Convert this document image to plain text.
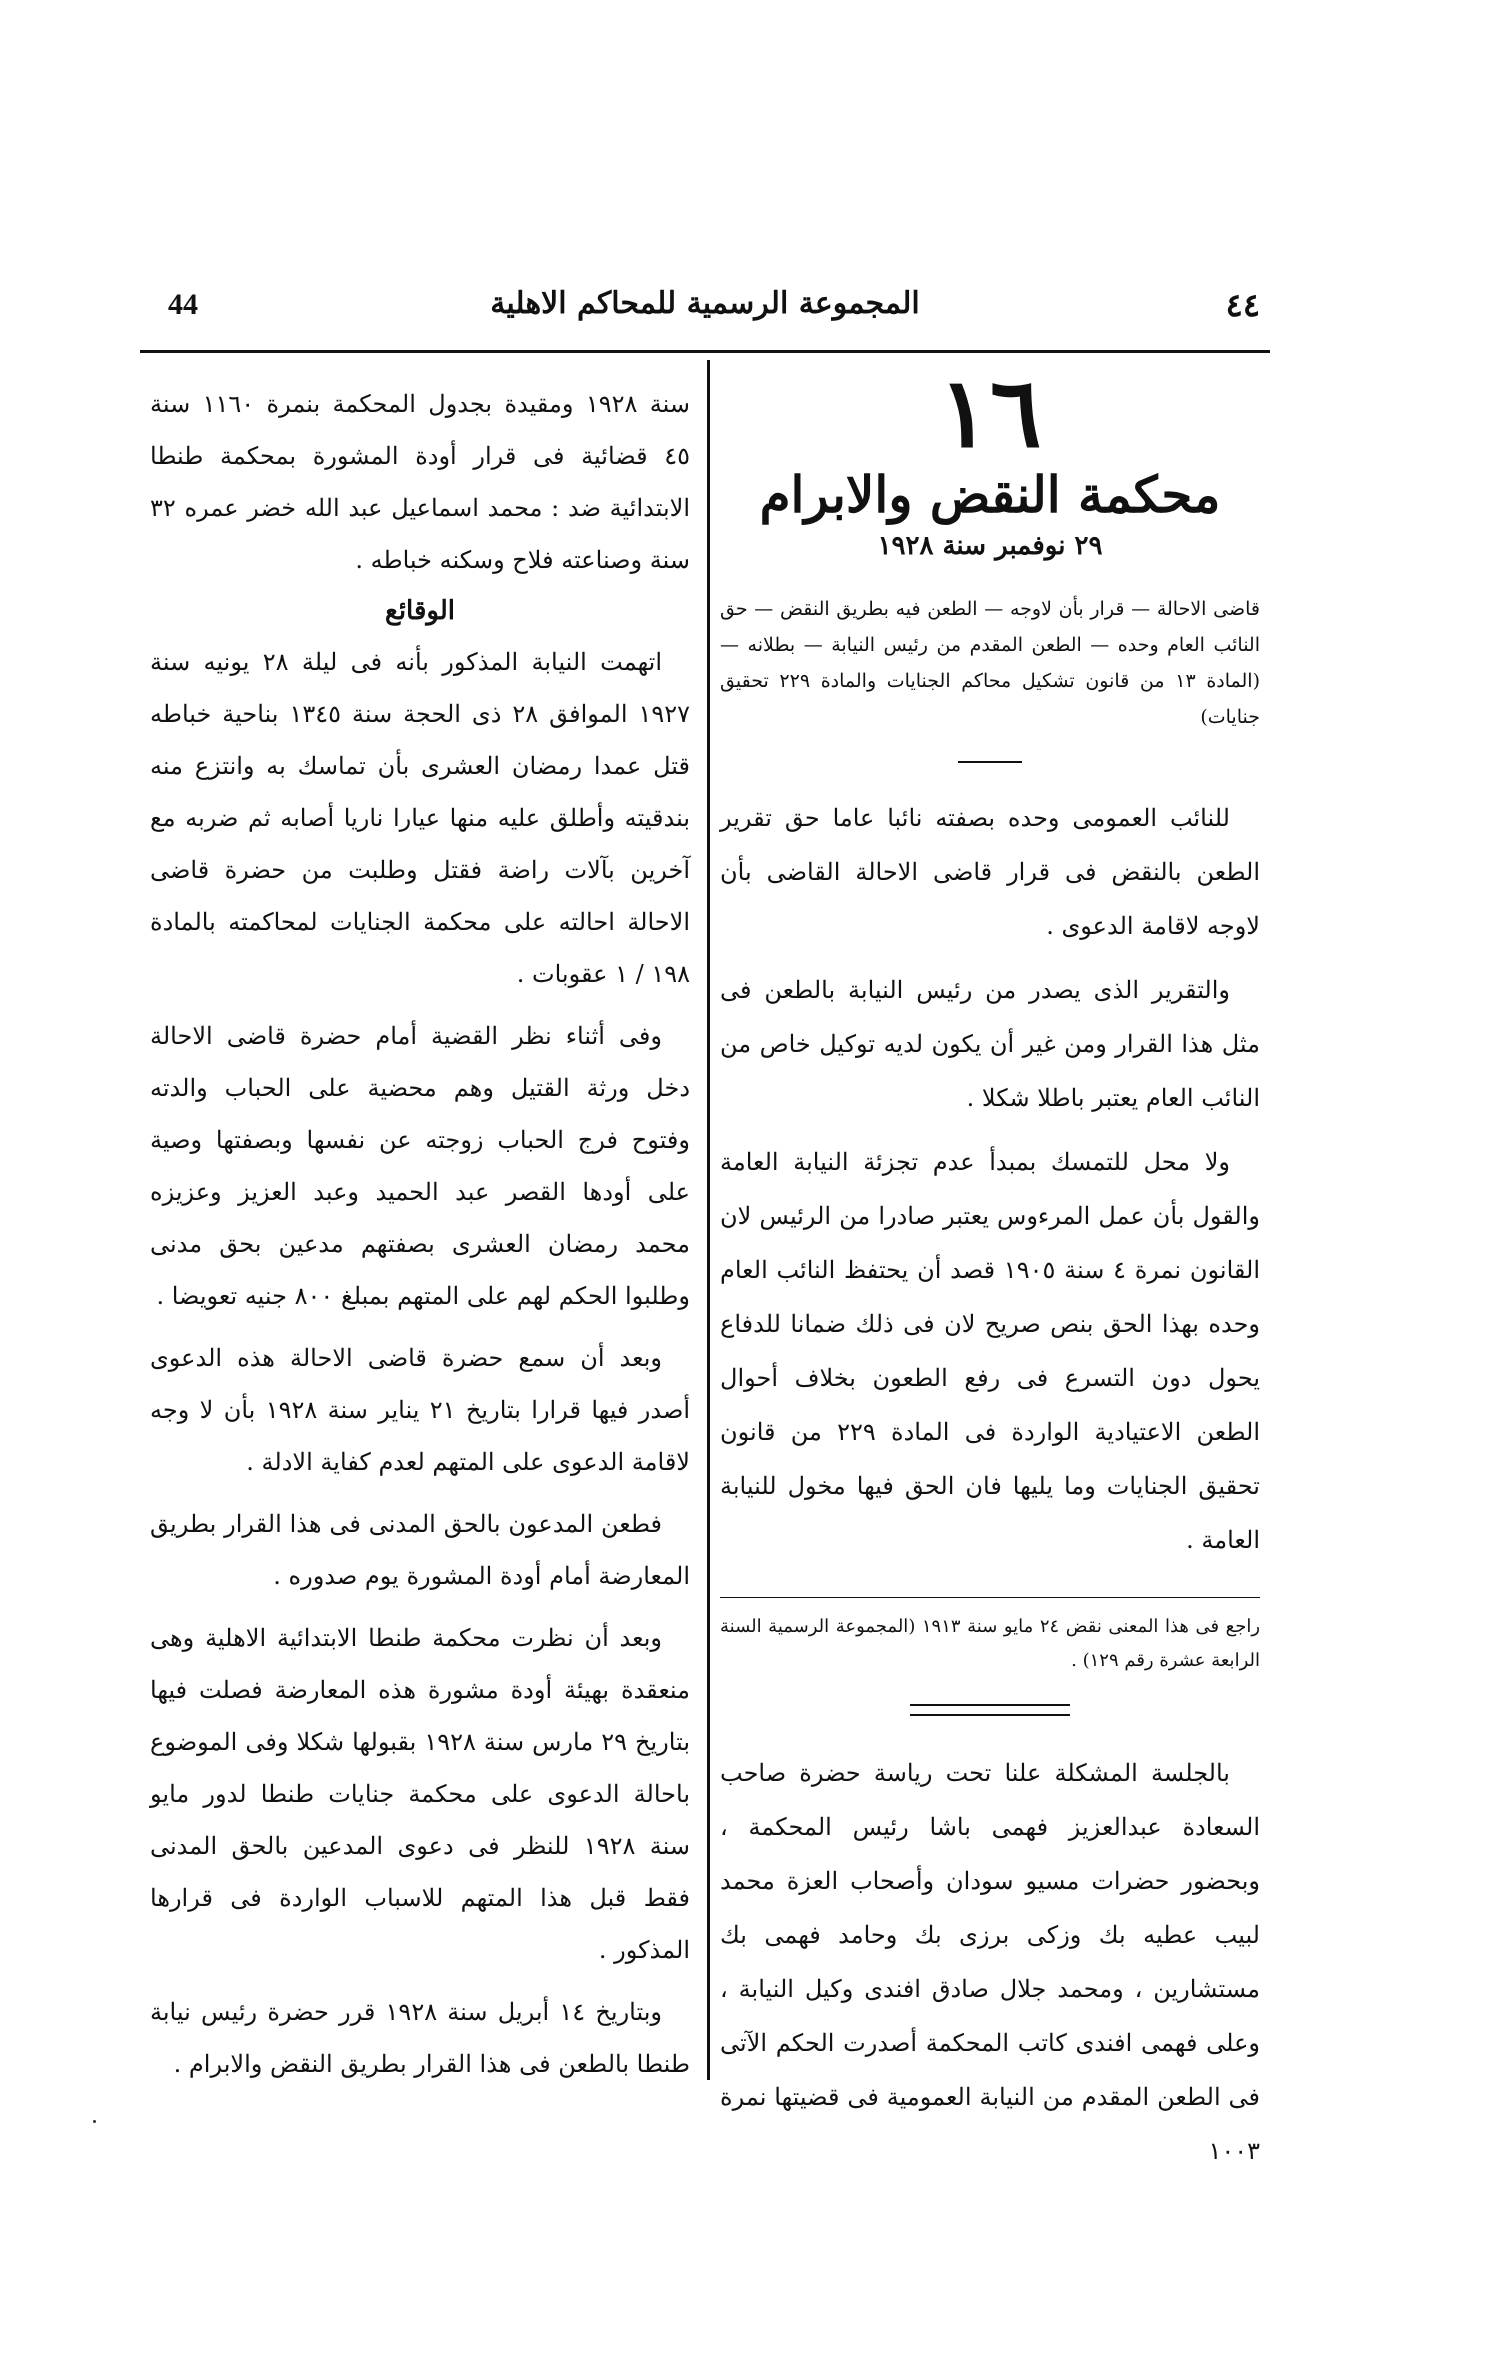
44	المجموعة الرسمية للمحاكم الاهلية	٤٤
١٦
محكمة النقض والابرام
٢٩ نوفمبر سنة ١٩٢٨

قاضى الاحالة — قرار بأن لاوجه — الطعن فيه بطريق النقض — حق النائب العام وحده — الطعن المقدم من رئيس النيابة — بطلانه — (المادة ١٣ من قانون تشكيل محاكم الجنايات والمادة ٢٢٩ تحقيق جنايات)

للنائب العمومى وحده بصفته نائبا عاما حق تقرير الطعن بالنقض فى قرار قاضى الاحالة القاضى بأن لاوجه لاقامة الدعوى .

والتقرير الذى يصدر من رئيس النيابة بالطعن فى مثل هذا القرار ومن غير أن يكون لديه توكيل خاص من النائب العام يعتبر باطلا شكلا .

ولا محل للتمسك بمبدأ عدم تجزئة النيابة العامة والقول بأن عمل المرءوس يعتبر صادرا من الرئيس لان القانون نمرة ٤ سنة ١٩٠٥ قصد أن يحتفظ النائب العام وحده بهذا الحق بنص صريح لان فى ذلك ضمانا للدفاع يحول دون التسرع فى رفع الطعون بخلاف أحوال الطعن الاعتيادية الواردة فى المادة ٢٢٩ من قانون تحقيق الجنايات وما يليها فان الحق فيها مخول للنيابة العامة .

راجع فى هذا المعنى نقض ٢٤ مايو سنة ١٩١٣ (المجموعة الرسمية السنة الرابعة عشرة رقم ١٢٩) .

بالجلسة المشكلة علنا تحت رياسة حضرة صاحب السعادة عبدالعزيز فهمى باشا رئيس المحكمة ، وبحضور حضرات مسيو سودان وأصحاب العزة محمد لبيب عطيه بك وزكى برزى بك وحامد فهمى بك مستشارين ، ومحمد جلال صادق افندى وكيل النيابة ، وعلى فهمى افندى كاتب المحكمة أصدرت الحكم الآتى فى الطعن المقدم من النيابة العمومية فى قضيتها نمرة ١٠٠٣

سنة ١٩٢٨ ومقيدة بجدول المحكمة بنمرة ١١٦٠ سنة ٤٥ قضائية فى قرار أودة المشورة بمحكمة طنطا الابتدائية ضد : محمد اسماعيل عبد الله خضر عمره ٣٢ سنة وصناعته فلاح وسكنه خباطه .

الوقائع

اتهمت النيابة المذكور بأنه فى ليلة ٢٨ يونيه سنة ١٩٢٧ الموافق ٢٨ ذى الحجة سنة ١٣٤٥ بناحية خباطه قتل عمدا رمضان العشرى بأن تماسك به وانتزع منه بندقيته وأطلق عليه منها عيارا ناريا أصابه ثم ضربه مع آخرين بآلات راضة فقتل وطلبت من حضرة قاضى الاحالة احالته على محكمة الجنايات لمحاكمته بالمادة ١٩٨ / ١ عقوبات .

وفى أثناء نظر القضية أمام حضرة قاضى الاحالة دخل ورثة القتيل وهم محضية على الحباب والدته وفتوح فرج الحباب زوجته عن نفسها وبصفتها وصية على أودها القصر عبد الحميد وعبد العزيز وعزيزه محمد رمضان العشرى بصفتهم مدعين بحق مدنى وطلبوا الحكم لهم على المتهم بمبلغ ٨٠٠ جنيه تعويضا .

وبعد أن سمع حضرة قاضى الاحالة هذه الدعوى أصدر فيها قرارا بتاريخ ٢١ يناير سنة ١٩٢٨ بأن لا وجه لاقامة الدعوى على المتهم لعدم كفاية الادلة .

فطعن المدعون بالحق المدنى فى هذا القرار بطريق المعارضة أمام أودة المشورة يوم صدوره .

وبعد أن نظرت محكمة طنطا الابتدائية الاهلية وهى منعقدة بهيئة أودة مشورة هذه المعارضة فصلت فيها بتاريخ ٢٩ مارس سنة ١٩٢٨ بقبولها شكلا وفى الموضوع باحالة الدعوى على محكمة جنايات طنطا لدور مايو سنة ١٩٢٨ للنظر فى دعوى المدعين بالحق المدنى فقط قبل هذا المتهم للاسباب الواردة فى قرارها المذكور .

وبتاريخ ١٤ أبريل سنة ١٩٢٨ قرر حضرة رئيس نيابة طنطا بالطعن فى هذا القرار بطريق النقض والابرام .
